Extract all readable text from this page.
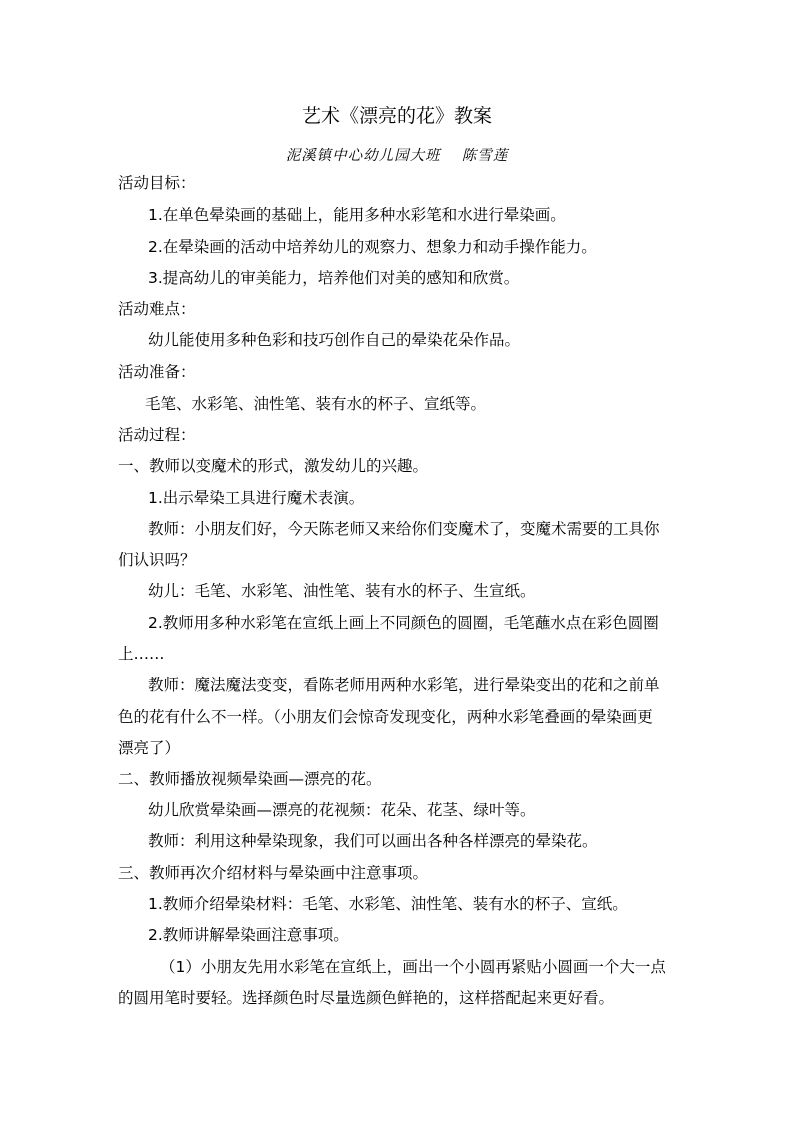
艺术《漂亮的花》教案
泥溪镇中心幼儿园大班　 陈雪莲
活动目标：
1.在单色晕染画的基础上，能用多种水彩笔和水进行晕染画。
2.在晕染画的活动中培养幼儿的观察力、想象力和动手操作能力。
3.提高幼儿的审美能力，培养他们对美的感知和欣赏。
活动难点：
幼儿能使用多种色彩和技巧创作自己的晕染花朵作品。
活动准备：
毛笔、水彩笔、油性笔、装有水的杯子、宣纸等。
活动过程：
一、教师以变魔术的形式，激发幼儿的兴趣。
1.出示晕染工具进行魔术表演。
教师：小朋友们好，今天陈老师又来给你们变魔术了，变魔术需要的工具你
们认识吗？
幼儿：毛笔、水彩笔、油性笔、装有水的杯子、生宣纸。
2.教师用多种水彩笔在宣纸上画上不同颜色的圆圈，毛笔蘸水点在彩色圆圈
上……
教师：魔法魔法变变，看陈老师用两种水彩笔，进行晕染变出的花和之前单
色的花有什么不一样。（小朋友们会惊奇发现变化，两种水彩笔叠画的晕染画更
漂亮了）
二、教师播放视频晕染画—漂亮的花。
幼儿欣赏晕染画—漂亮的花视频：花朵、花茎、绿叶等。
教师：利用这种晕染现象，我们可以画出各种各样漂亮的晕染花。
三、教师再次介绍材料与晕染画中注意事项。
1.教师介绍晕染材料：毛笔、水彩笔、油性笔、装有水的杯子、宣纸。
2.教师讲解晕染画注意事项。
（1）小朋友先用水彩笔在宣纸上，画出一个小圆再紧贴小圆画一个大一点
的圆用笔时要轻。选择颜色时尽量选颜色鲜艳的，这样搭配起来更好看。
